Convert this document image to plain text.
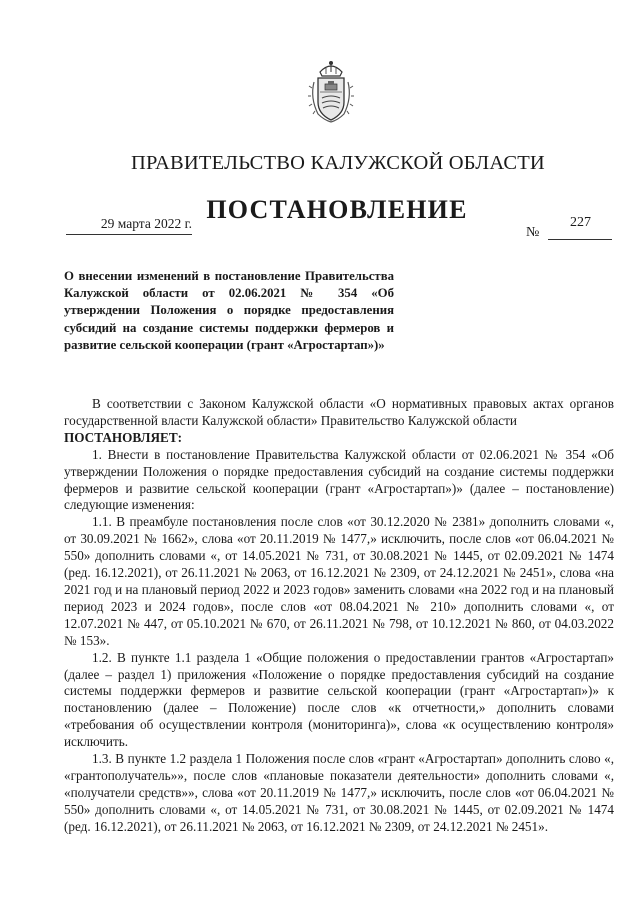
ПРАВИТЕЛЬСТВО КАЛУЖСКОЙ ОБЛАСТИ
ПОСТАНОВЛЕНИЕ
29 марта 2022 г.
№
227
О внесении изменений в постановление Правительства Калужской области от 02.06.2021 № 354 «Об утверждении Положения о порядке предоставления субсидий на создание системы поддержки фермеров и развитие сельской кооперации (грант «Агростартап»)»

В соответствии с Законом Калужской области «О нормативных правовых актах органов государственной власти Калужской области» Правительство Калужской области

ПОСТАНОВЛЯЕТ:

1. Внести в постановление Правительства Калужской области от 02.06.2021 № 354 «Об утверждении Положения о порядке предоставления субсидий на создание системы поддержки фермеров и развитие сельской кооперации (грант «Агростартап»)» (далее – постановление) следующие изменения:

1.1. В преамбуле постановления после слов «от 30.12.2020 № 2381» дополнить словами «, от 30.09.2021 № 1662», слова «от 20.11.2019 № 1477,» исключить, после слов «от 06.04.2021 № 550» дополнить словами «, от 14.05.2021 № 731, от 30.08.2021 № 1445, от 02.09.2021 № 1474 (ред. 16.12.2021), от 26.11.2021 № 2063, от 16.12.2021 № 2309, от 24.12.2021 № 2451», слова «на 2021 год и на плановый период 2022 и 2023 годов» заменить словами «на 2022 год и на плановый период 2023 и 2024 годов», после слов «от 08.04.2021 № 210» дополнить словами «, от 12.07.2021 № 447, от 05.10.2021 № 670, от 26.11.2021 № 798, от 10.12.2021 № 860, от 04.03.2022 № 153».

1.2. В пункте 1.1 раздела 1 «Общие положения о предоставлении грантов «Агростартап» (далее – раздел 1) приложения «Положение о порядке предоставления субсидий на создание системы поддержки фермеров и развитие сельской кооперации (грант «Агростартап»)» к постановлению (далее – Положение) после слов «к отчетности,» дополнить словами «требования об осуществлении контроля (мониторинга)», слова «к осуществлению контроля» исключить.

1.3. В пункте 1.2 раздела 1 Положения после слов «грант «Агростартап» дополнить слово «, «грантополучатель»», после слов «плановые показатели деятельности» дополнить словами «, «получатели средств»», слова «от 20.11.2019 № 1477,» исключить, после слов «от 06.04.2021 № 550» дополнить словами «, от 14.05.2021 № 731, от 30.08.2021 № 1445, от 02.09.2021 № 1474 (ред. 16.12.2021), от 26.11.2021 № 2063, от 16.12.2021 № 2309, от 24.12.2021 № 2451».
